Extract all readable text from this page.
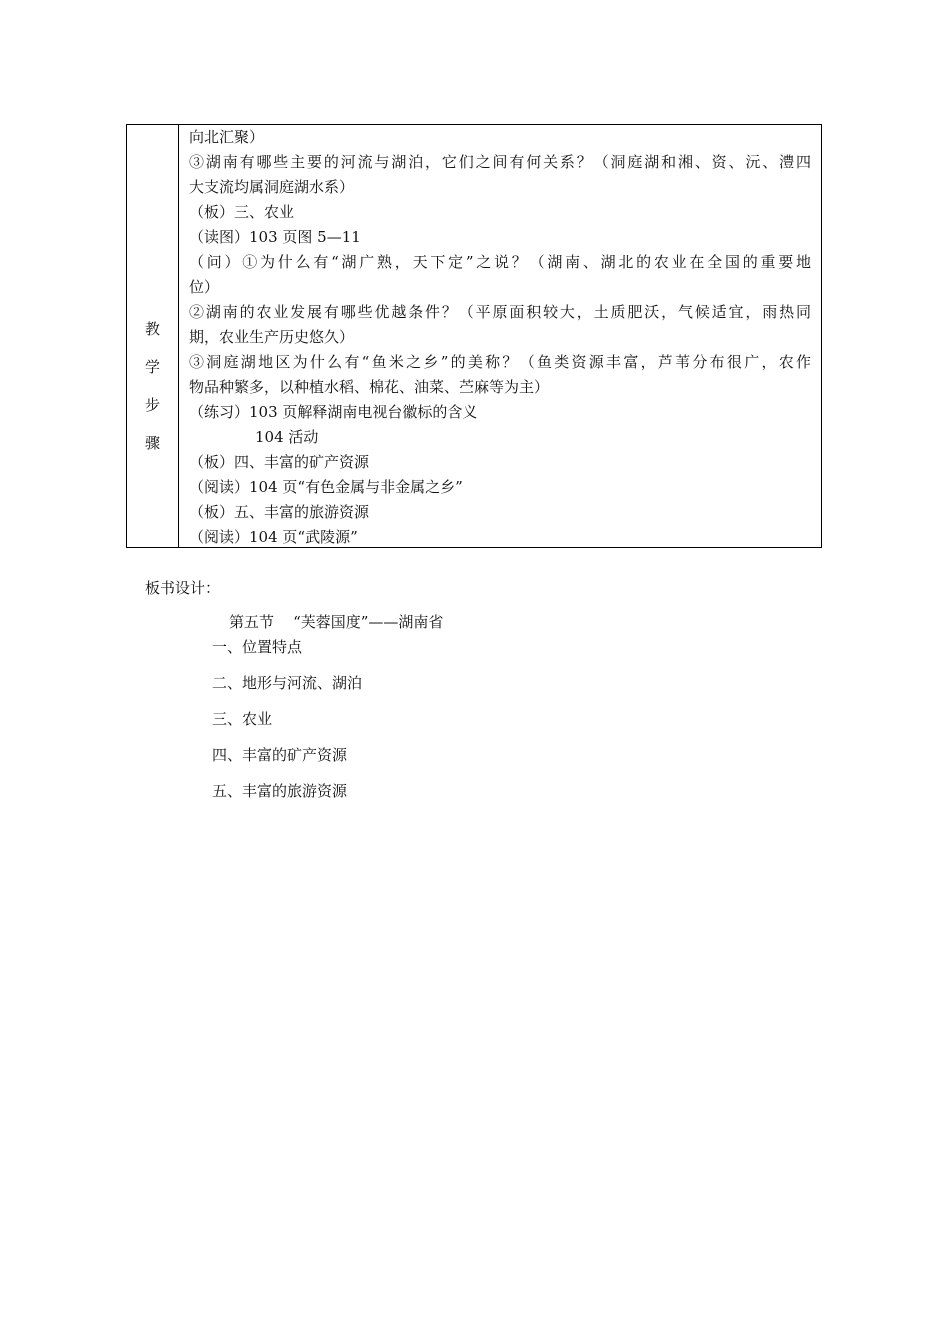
教
学
步
骤
向北汇聚）
③湖南有哪些主要的河流与湖泊，它们之间有何关系？（洞庭湖和湘、资、沅、澧四
大支流均属洞庭湖水系）
（板）三、农业
（读图）103 页图 5—11
（问）①为什么有“湖广熟，天下定”之说？（湖南、湖北的农业在全国的重要地
位）
②湖南的农业发展有哪些优越条件？（平原面积较大，土质肥沃，气候适宜，雨热同
期，农业生产历史悠久）
③洞庭湖地区为什么有“鱼米之乡”的美称？（鱼类资源丰富，芦苇分布很广，农作
物品种繁多，以种植水稻、棉花、油菜、苎麻等为主）
（练习）103 页解释湖南电视台徽标的含义
104 活动
（板）四、丰富的矿产资源
（阅读）104 页“有色金属与非金属之乡”
（板）五、丰富的旅游资源
（阅读）104 页“武陵源”
板书设计：
第五节 “芙蓉国度”——湖南省
一、位置特点
二、地形与河流、湖泊
三、农业
四、丰富的矿产资源
五、丰富的旅游资源
